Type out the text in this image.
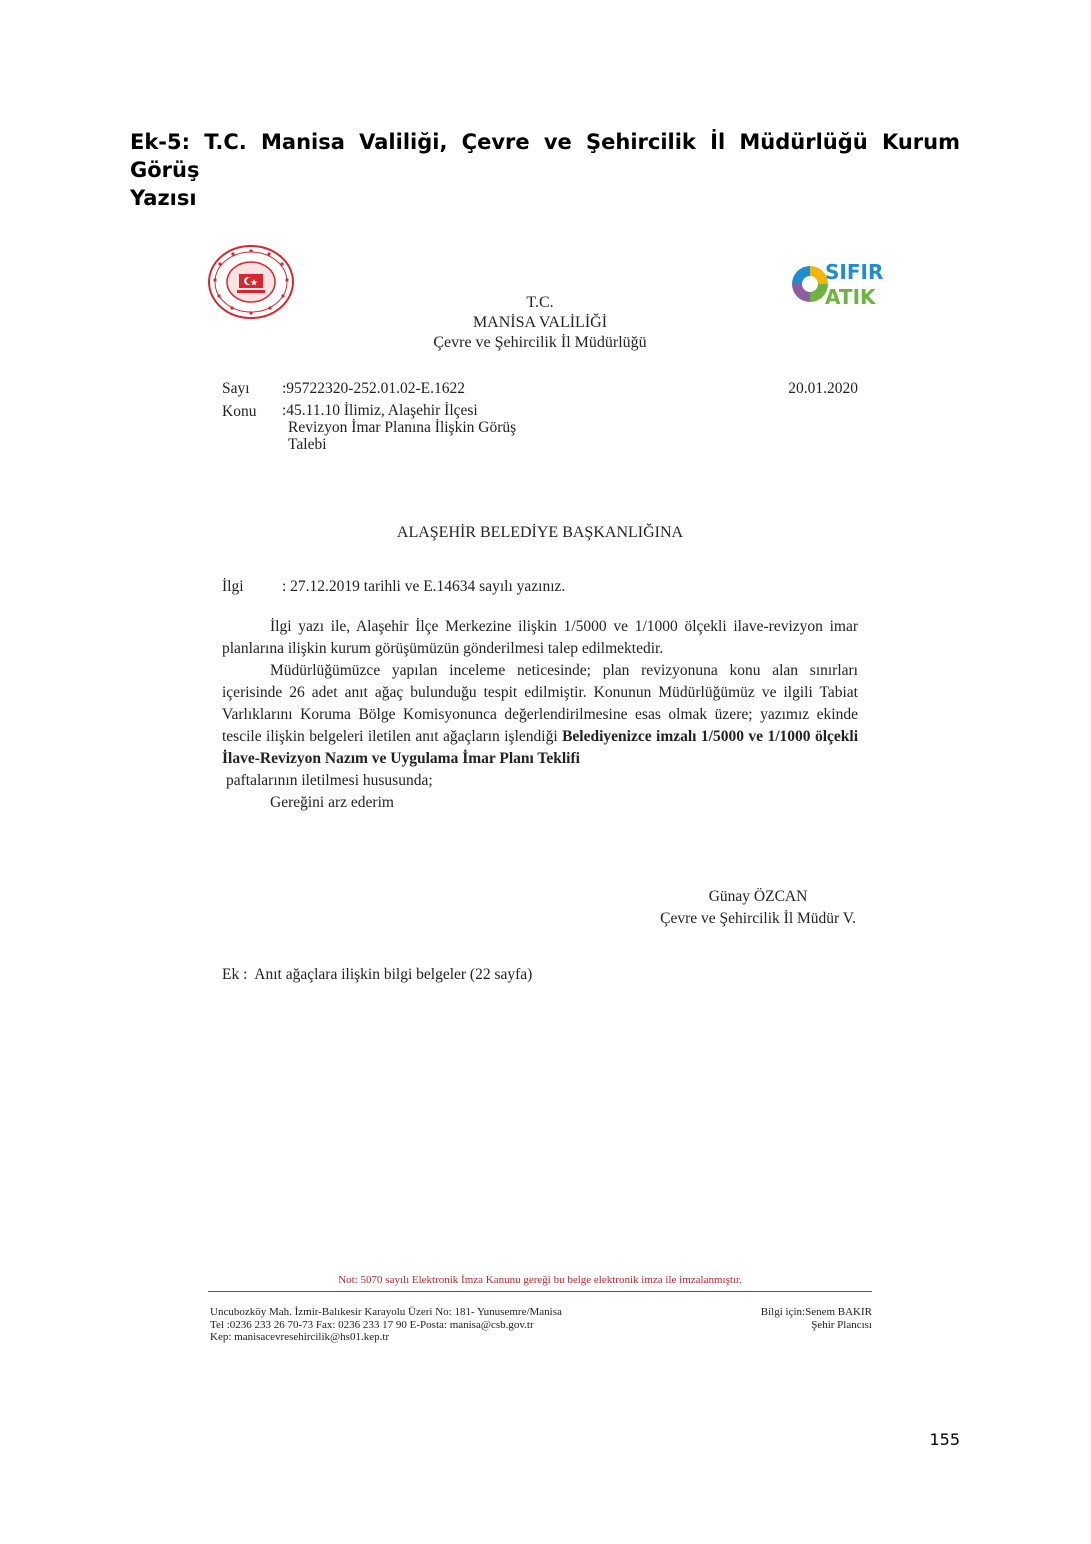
Ek-5: T.C. Manisa Valiliği, Çevre ve Şehircilik İl Müdürlüğü Kurum Görüş
Yazısı
SIFIR
ATIK
T.C.
MANİSA VALİLİĞİ
Çevre ve Şehircilik İl Müdürlüğü
Sayı :95722320-252.01.02-E.1622	20.01.2020
Konu :45.11.10 İlimiz, Alaşehir İlçesi
Revizyon İmar Planına İlişkin Görüş
Talebi
ALAŞEHİR BELEDİYE BAŞKANLIĞINA
İlgi : 27.12.2019 tarihli ve E.14634 sayılı yazınız.
İlgi yazı ile, Alaşehir İlçe Merkezine ilişkin 1/5000 ve 1/1000 ölçekli ilave-revizyon imar planlarına ilişkin kurum görüşümüzün gönderilmesi talep edilmektedir.
Müdürlüğümüzce yapılan inceleme neticesinde; plan revizyonuna konu alan sınırları içerisinde 26 adet anıt ağaç bulunduğu tespit edilmiştir. Konunun Müdürlüğümüz ve ilgili Tabiat Varlıklarını Koruma Bölge Komisyonunca değerlendirilmesine esas olmak üzere; yazımız ekinde tescile ilişkin belgeleri iletilen anıt ağaçların işlendiği Belediyenizce imzalı 1/5000 ve 1/1000 ölçekli İlave-Revizyon Nazım ve Uygulama İmar Planı Teklifi
paftalarının iletilmesi hususunda;
Gereğini arz ederim
Günay ÖZCAN
Çevre ve Şehircilik İl Müdür V.
Ek :  Anıt ağaçlara ilişkin bilgi belgeler (22 sayfa)
Not: 5070 sayılı Elektronik İmza Kanunu gereği bu belge elektronik imza ile imzalanmıştır.
Uncubozköy Mah. İzmir-Balıkesir Karayolu Üzeri No: 181- Yunusemre/Manisa
Tel :0236 233 26 70-73 Fax: 0236 233 17 90 E-Posta: manisa@csb.gov.tr
Kep: manisacevresehircilik@hs01.kep.tr
Bilgi için:Senem BAKIR
Şehir Plancısı
155
